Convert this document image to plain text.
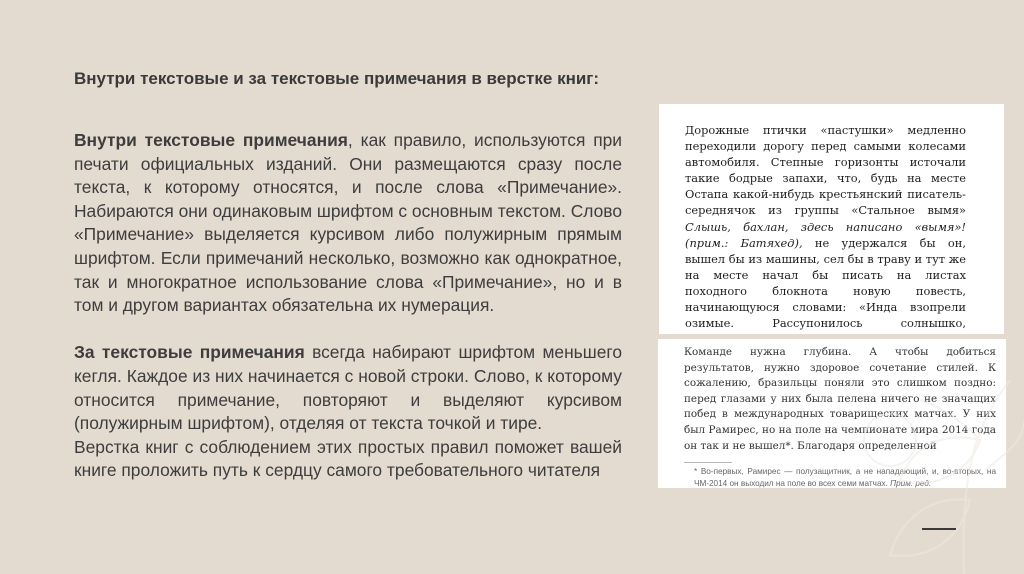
Внутри текстовые и за текстовые примечания в верстке книг:

Внутри текстовые примечания, как правило, используются при печати официальных изданий. Они размещаются сразу после текста, к которому относятся, и после слова «Примечание». Набираются они одинаковым шрифтом с основным текстом. Слово «Примечание» выделяется курсивом либо полужирным прямым шрифтом. Если примечаний несколько, возможно как однократное, так и многократное использование слова «Примечание», но и в том и другом вариантах обязательна их нумерация.

За текстовые примечания всегда набирают шрифтом меньшего кегля. Каждое из них начинается с новой строки. Слово, к которому относится примечание, повторяют и выделяют курсивом (полужирным шрифтом), отделяя от текста точкой и тире.

Верстка книг с соблюдением этих простых правил поможет вашей книге проложить путь к сердцу самого требовательного читателя

Дорожные птички «пастушки» медленно переходили дорогу перед самыми колесами автомобиля. Степные горизонты источали такие бодрые запахи, что, будь на месте Остапа какой-нибудь крестьянский писатель-середнячок из группы «Стальное вымя» Слышь, бахлан, здесь написано «вымя»! (прим.: Батяхед), не удержался бы он, вышел бы из машины, сел бы в траву и тут же на месте начал бы писать на листах походного блокнота новую повесть, начинающуюся словами: «Инда взопрели озимые. Рассупонилось солнышко,
Команде нужна глубина. А чтобы добиться результатов, нужно здоровое сочетание стилей. К сожалению, бразильцы поняли это слишком поздно: перед глазами у них была пелена ничего не значащих побед в международных товарищеских матчах. У них был Рамирес, но на поле на чемпионате мира 2014 года он так и не вышел*. Благодаря определенной
* Во-первых, Рамирес — полузащитник, а не нападающий, и, во-вторых, на ЧМ-2014 он выходил на поле во всех семи матчах. Прим. ред.
